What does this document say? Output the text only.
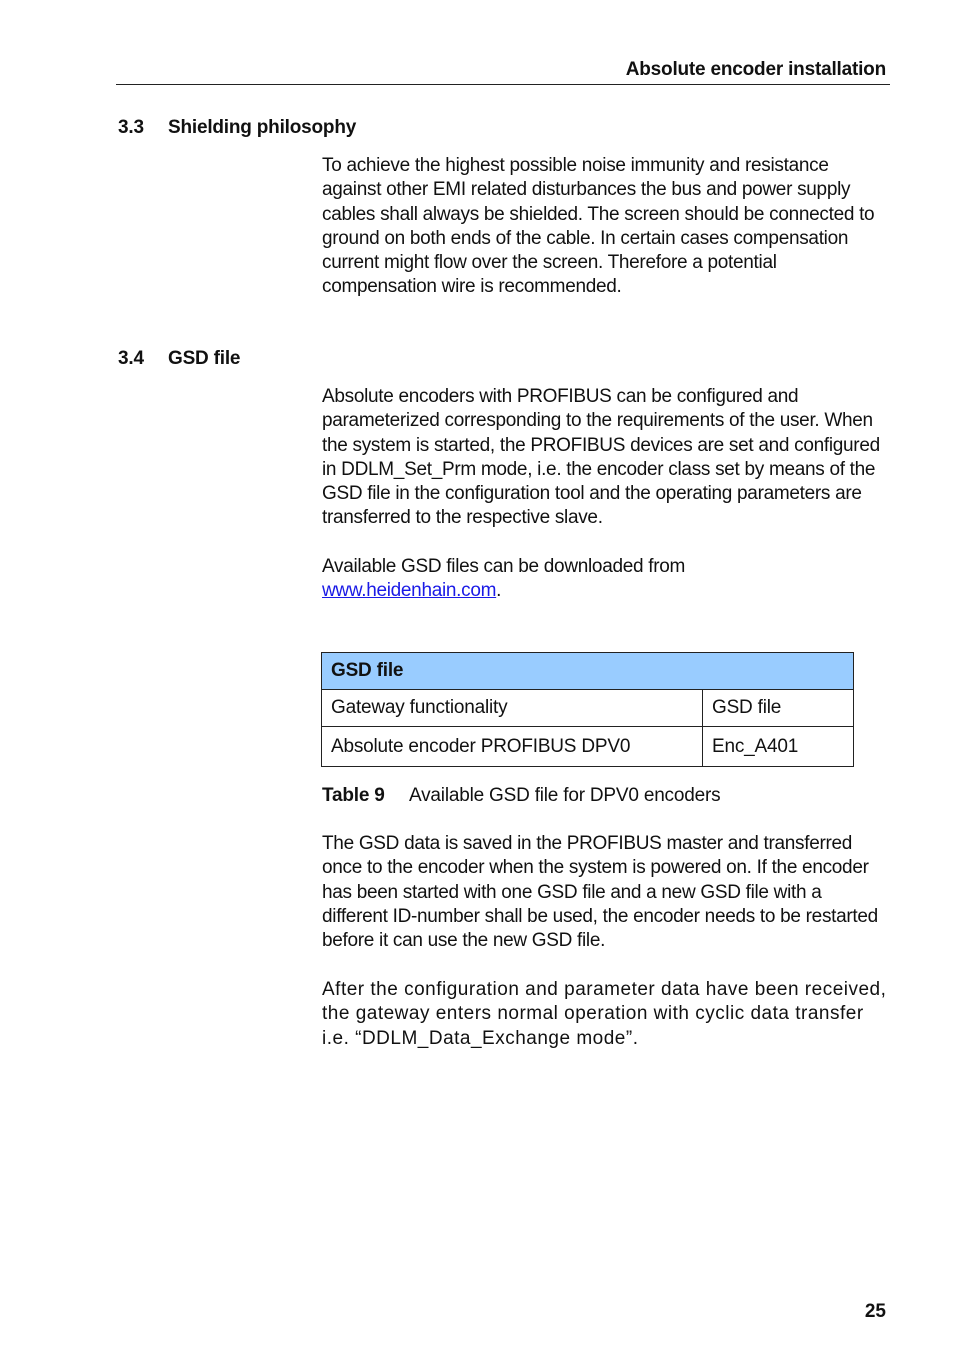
Absolute encoder installation
3.3 Shielding philosophy
To achieve the highest possible noise immunity and resistance against other EMI related disturbances the bus and power supply cables shall always be shielded. The screen should be connected to ground on both ends of the cable. In certain cases compensation current might flow over the screen. Therefore a potential compensation wire is recommended.
3.4 GSD file
Absolute encoders with PROFIBUS can be configured and parameterized corresponding to the requirements of the user. When the system is started, the PROFIBUS devices are set and configured in DDLM_Set_Prm mode, i.e. the encoder class set by means of the GSD file in the configuration tool and the operating parameters are transferred to the respective slave.
Available GSD files can be downloaded from
www.heidenhain.com.
GSD file	
Gateway functionality	GSD file
Absolute encoder PROFIBUS DPV0	Enc_A401
Table 9 Available GSD file for DPV0 encoders
The GSD data is saved in the PROFIBUS master and transferred once to the encoder when the system is powered on. If the encoder has been started with one GSD file and a new GSD file with a different ID-number shall be used, the encoder needs to be restarted before it can use the new GSD file.
After the configuration and parameter data have been received, the gateway enters normal operation with cyclic data transfer i.e. “DDLM_Data_Exchange mode”.
25
